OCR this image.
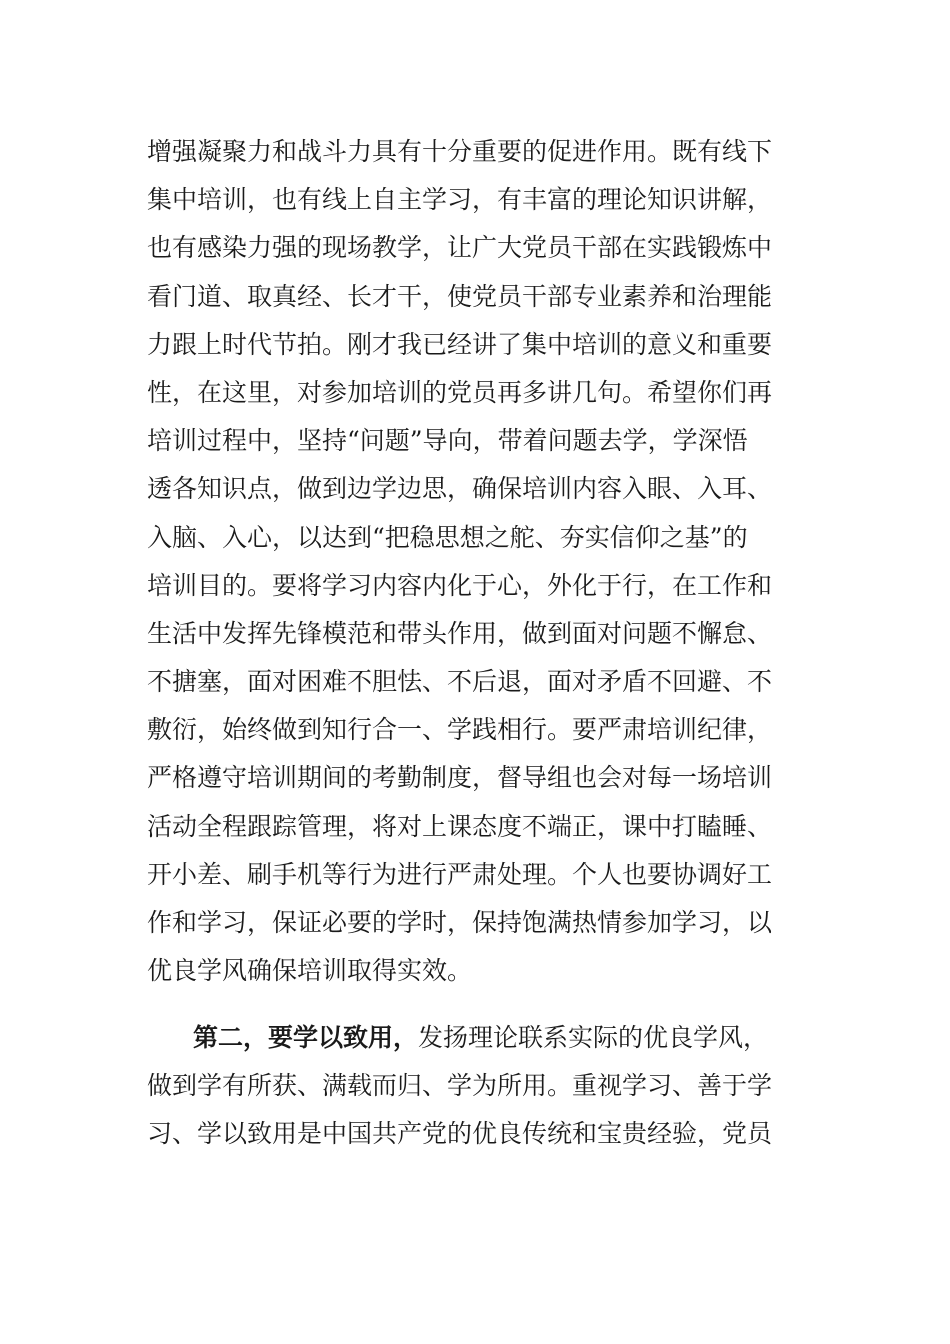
增强凝聚力和战斗力具有十分重要的促进作用。既有线下
集中培训，也有线上自主学习，有丰富的理论知识讲解，
也有感染力强的现场教学，让广大党员干部在实践锻炼中
看门道、取真经、长才干，使党员干部专业素养和治理能
力跟上时代节拍。刚才我已经讲了集中培训的意义和重要
性，在这里，对参加培训的党员再多讲几句。希望你们再
培训过程中，坚持“问题”导向，带着问题去学，学深悟
透各知识点，做到边学边思，确保培训内容入眼、入耳、
入脑、入心，以达到“把稳思想之舵、夯实信仰之基”的
培训目的。要将学习内容内化于心，外化于行，在工作和
生活中发挥先锋模范和带头作用，做到面对问题不懈怠、
不搪塞，面对困难不胆怯、不后退，面对矛盾不回避、不
敷衍，始终做到知行合一、学践相行。要严肃培训纪律，
严格遵守培训期间的考勤制度，督导组也会对每一场培训
活动全程跟踪管理，将对上课态度不端正，课中打瞌睡、
开小差、刷手机等行为进行严肃处理。个人也要协调好工
作和学习，保证必要的学时，保持饱满热情参加学习，以
优良学风确保培训取得实效。
第二，要学以致用，发扬理论联系实际的优良学风，
做到学有所获、满载而归、学为所用。重视学习、善于学
习、学以致用是中国共产党的优良传统和宝贵经验，党员
